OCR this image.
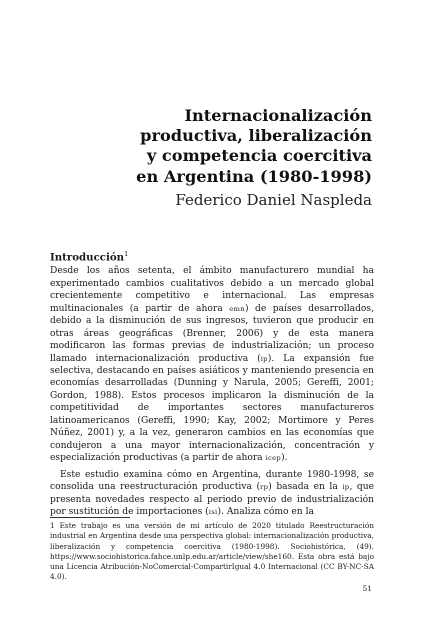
Internacionalización
productiva, liberalización
y competencia coercitiva
en Argentina (1980-1998)

Federico Daniel Naspleda

Introducción$^1$

Desde los años setenta, el ámbito manufacturero mundial ha experimentado cambios cualitativos debido a un mercado global crecientemente competitivo e internacional. Las empresas multinacionales (a partir de ahora emn) de países desarrollados, debido a la disminución de sus ingresos, tuvieron que producir en otras áreas geográficas (Brenner, 2006) y de esta manera modificaron las formas previas de industrialización; un proceso llamado internacionalización productiva (ip). La expansión fue selectiva, destacando en países asiáticos y manteniendo presencia en economías desarrolladas (Dunning y Narula, 2005; Gereffi, 2001; Gordon, 1988). Estos procesos implicaron la disminución de la competitividad de importantes sectores manufactureros latinoamericanos (Gereffi, 1990; Kay, 2002; Mortimore y Peres Núñez, 2001) y, a la vez, generaron cambios en las economías que condujeron a una mayor internacionalización, concentración y especialización productivas (a partir de ahora icep).

Este estudio examina cómo en Argentina, durante 1980-1998, se consolida una reestructuración productiva (rp) basada en la ip, que presenta novedades respecto al periodo previo de industrialización por sustitución de importaciones (isi). Analiza cómo en la

1 Este trabajo es una versión de mi artículo de 2020 titulado Reestructuración industrial en Argentina desde una perspectiva global: internacionalización productiva, liberalización y competencia coercitiva (1980-1998). Sociohistórica, (49). https://www.sociohistorica.fahce.unlp.edu.ar/article/view/she160. Esta obra está bajo una Licencia Atribución-NoComercial-CompartirIgual 4.0 Internacional (CC BY-NC-SA 4.0).

51
